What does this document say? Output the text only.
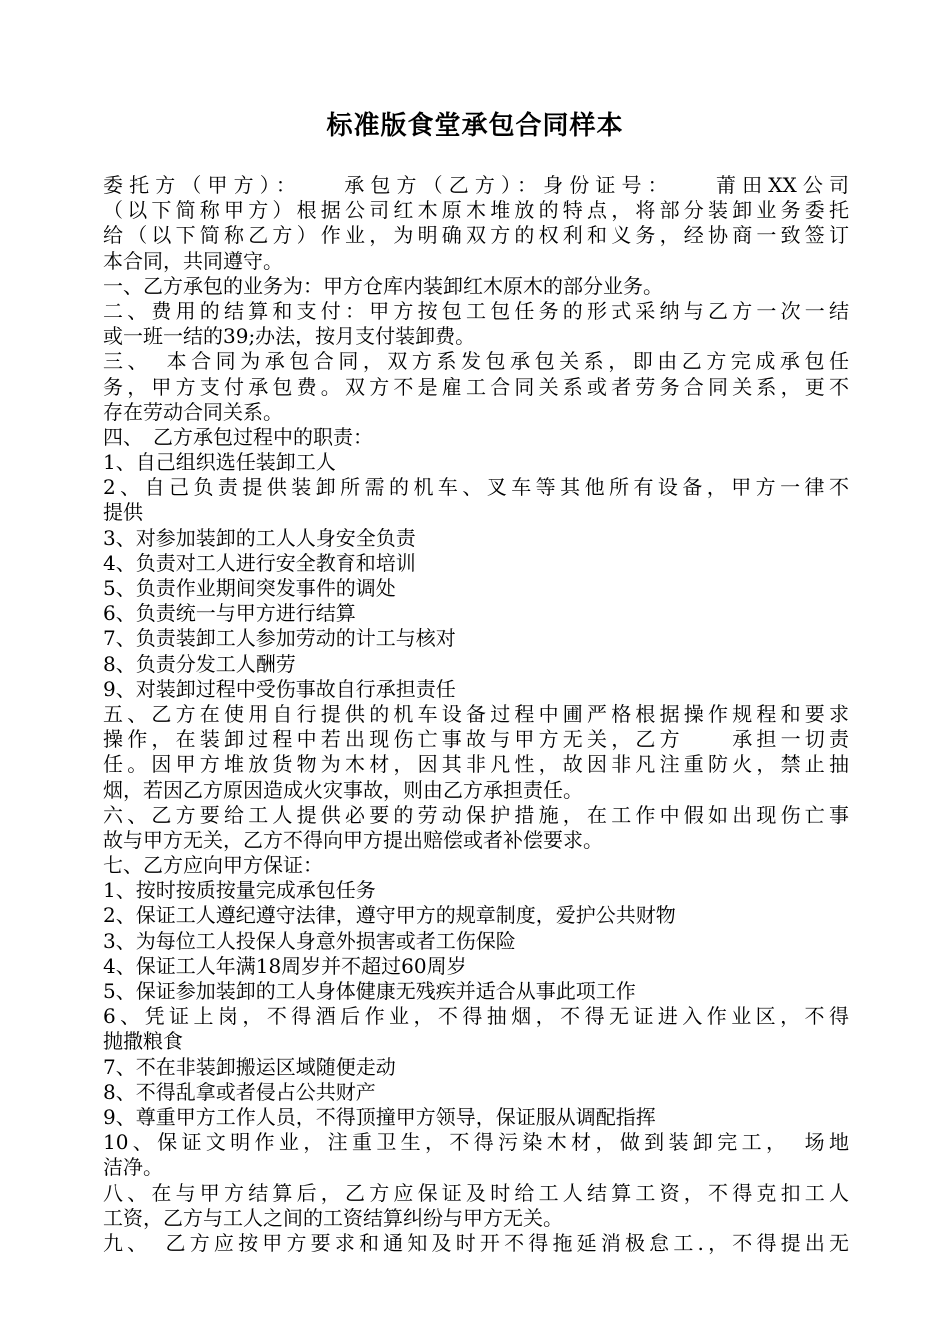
标准版食堂承包合同样本
委托方（甲方）：　　承包方（乙方）：身份证号：　　莆田XX公司
（以下简称甲方）根据公司红木原木堆放的特点，将部分装卸业务委托
给（以下简称乙方）作业，为明确双方的权利和义务，经协商一致签订
本合同，共同遵守。
一、乙方承包的业务为：甲方仓库内装卸红木原木的部分业务。
二、费用的结算和支付：甲方按包工包任务的形式采纳与乙方一次一结
或一班一结的39;办法，按月支付装卸费。
三、　本合同为承包合同，双方系发包承包关系，即由乙方完成承包任
务，甲方支付承包费。双方不是雇工合同关系或者劳务合同关系，更不
存在劳动合同关系。
四、　乙方承包过程中的职责：
1、自己组织选任装卸工人
2、自己负责提供装卸所需的机车、叉车等其他所有设备，甲方一律不
提供
3、对参加装卸的工人人身安全负责
4、负责对工人进行安全教育和培训
5、负责作业期间突发事件的调处
6、负责统一与甲方进行结算
7、负责装卸工人参加劳动的计工与核对
8、负责分发工人酬劳
9、对装卸过程中受伤事故自行承担责任
五、乙方在使用自行提供的机车设备过程中圃严格根据操作规程和要求
操作，在装卸过程中若出现伤亡事故与甲方无关，乙方　　承担一切责
任。因甲方堆放货物为木材，因其非凡性，故因非凡注重防火，禁止抽
烟，若因乙方原因造成火灾事故，则由乙方承担责任。
六、乙方要给工人提供必要的劳动保护措施，在工作中假如出现伤亡事
故与甲方无关，乙方不得向甲方提出赔偿或者补偿要求。
七、乙方应向甲方保证：
1、按时按质按量完成承包任务
2、保证工人遵纪遵守法律，遵守甲方的规章制度，爱护公共财物
3、为每位工人投保人身意外损害或者工伤保险
4、保证工人年满18周岁并不超过60周岁
5、保证参加装卸的工人身体健康无残疾并适合从事此项工作
6、凭证上岗，不得酒后作业，不得抽烟，不得无证进入作业区，不得
抛撒粮食
7、不在非装卸搬运区域随便走动
8、不得乱拿或者侵占公共财产
9、尊重甲方工作人员，不得顶撞甲方领导，保证服从调配指挥
10、保证文明作业，注重卫生，不得污染木材，做到装卸完工，　场地
洁净。
八、在与甲方结算后，乙方应保证及时给工人结算工资，不得克扣工人
工资，乙方与工人之间的工资结算纠纷与甲方无关。
九、　乙方应按甲方要求和通知及时开不得拖延消极怠工.，不得提出无
